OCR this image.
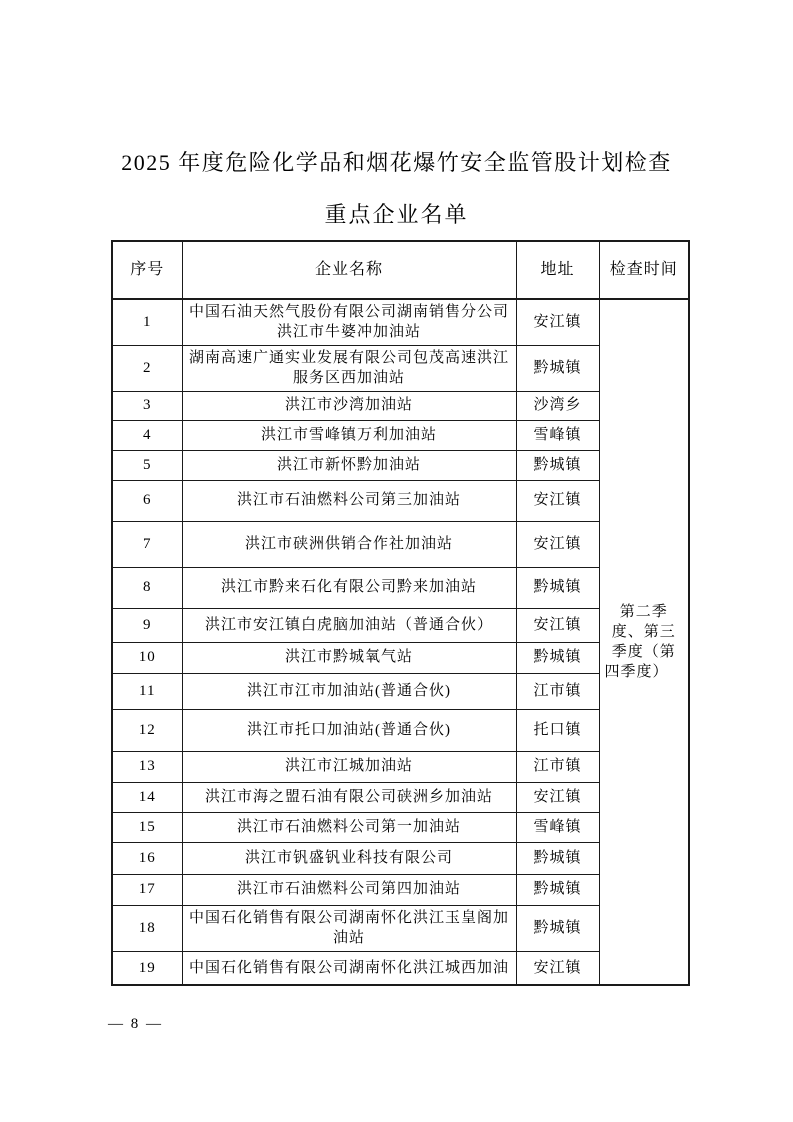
2025 年度危险化学品和烟花爆竹安全监管股计划检查
重点企业名单
序号	企业名称	地址	检查时间
1	中国石油天然气股份有限公司湖南销售分公司洪江市牛婆冲加油站	安江镇	第二季度、第三季度（第四季度）
2	湖南高速广通实业发展有限公司包茂高速洪江服务区西加油站	黔城镇	
3	洪江市沙湾加油站	沙湾乡	
4	洪江市雪峰镇万利加油站	雪峰镇	
5	洪江市新怀黔加油站	黔城镇	
6	洪江市石油燃料公司第三加油站	安江镇	
7	洪江市硖洲供销合作社加油站	安江镇	
8	洪江市黔来石化有限公司黔来加油站	黔城镇	
9	洪江市安江镇白虎脑加油站（普通合伙）	安江镇	
10	洪江市黔城氧气站	黔城镇	
11	洪江市江市加油站(普通合伙)	江市镇	
12	洪江市托口加油站(普通合伙)	托口镇	
13	洪江市江城加油站	江市镇	
14	洪江市海之盟石油有限公司硖洲乡加油站	安江镇	
15	洪江市石油燃料公司第一加油站	雪峰镇	
16	洪江市钒盛钒业科技有限公司	黔城镇	
17	洪江市石油燃料公司第四加油站	黔城镇	
18	中国石化销售有限公司湖南怀化洪江玉皇阁加油站	黔城镇	
19	中国石化销售有限公司湖南怀化洪江城西加油	安江镇	
— 8 —
